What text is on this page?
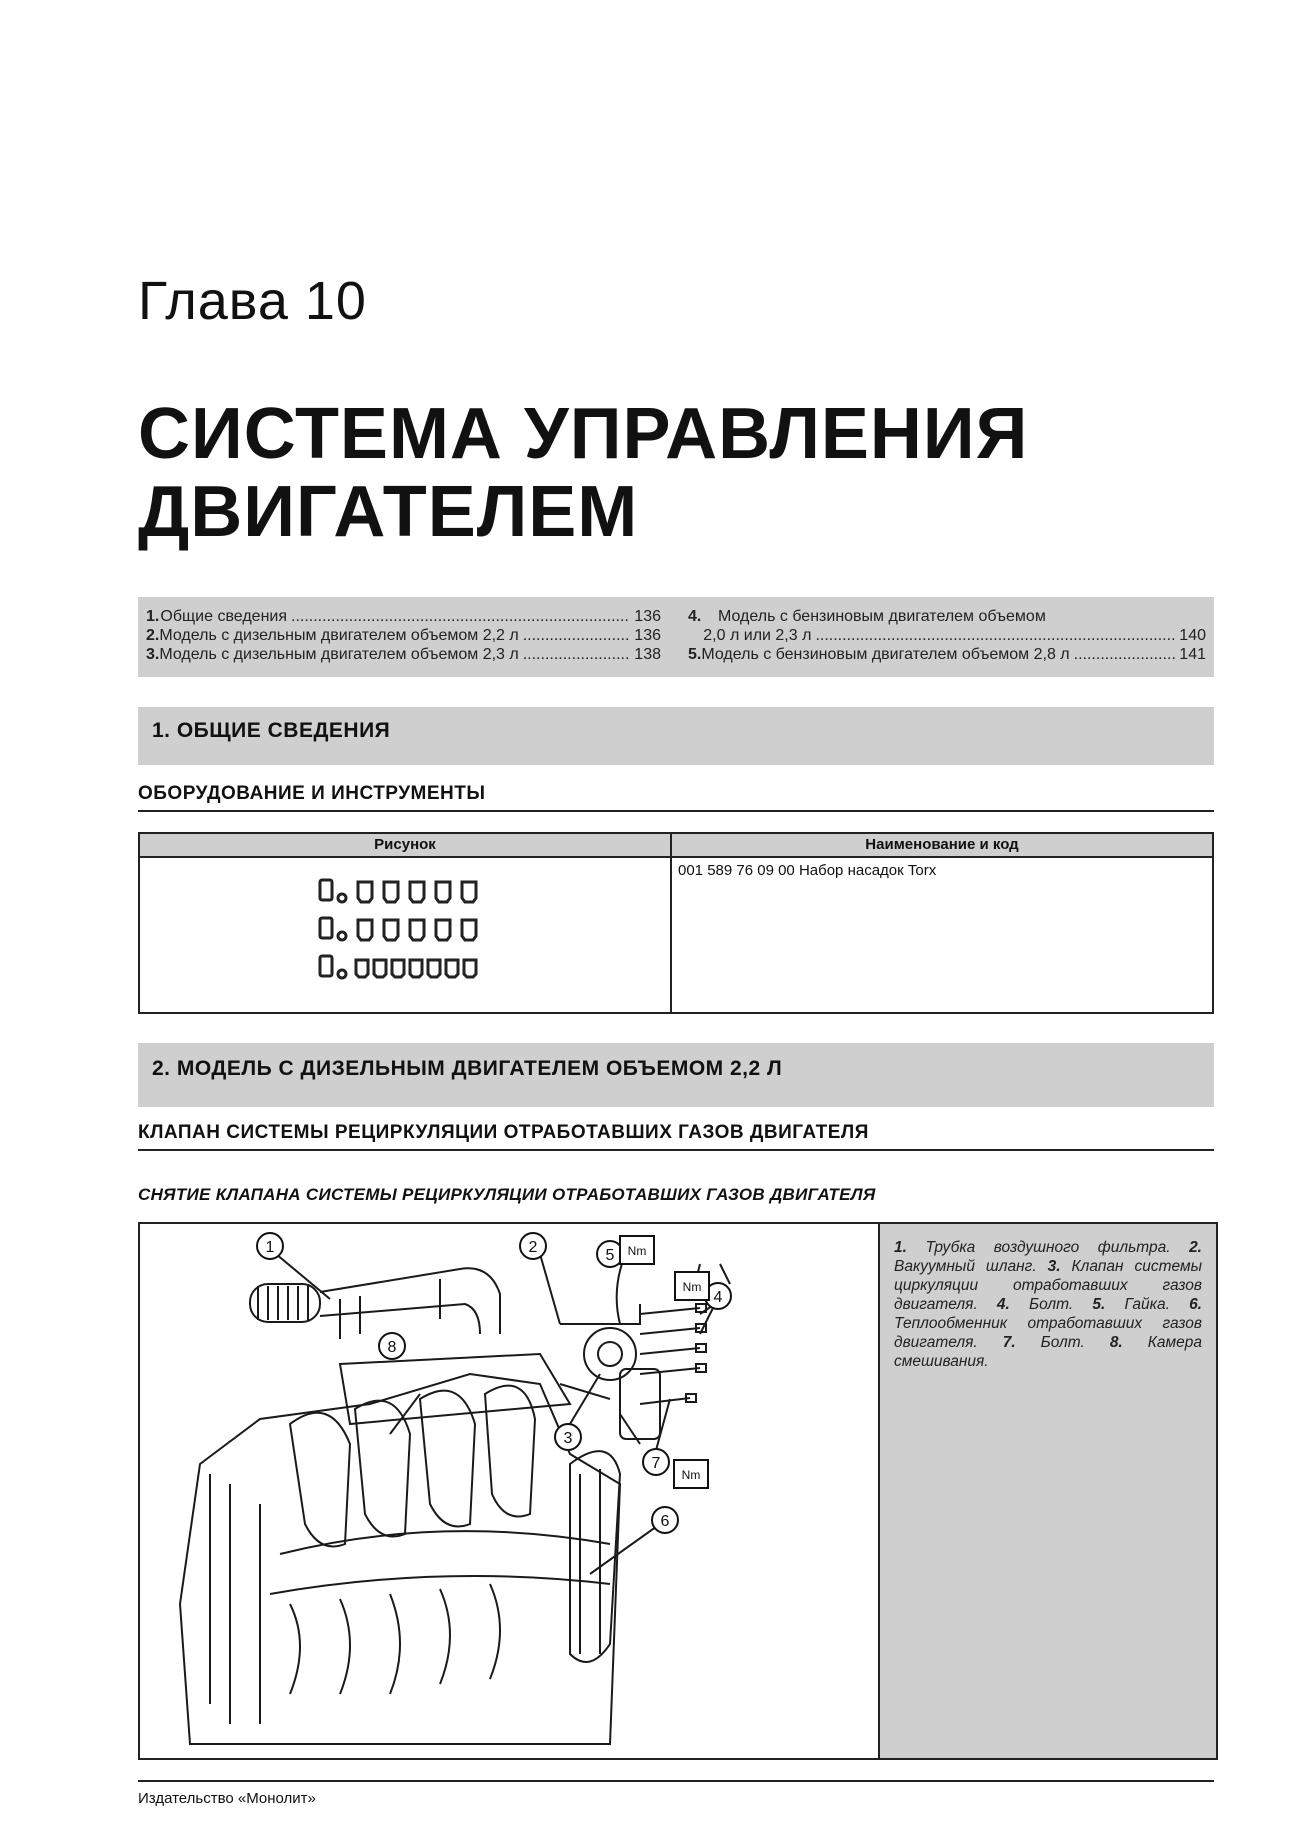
Глава 10
СИСТЕМА УПРАВЛЕНИЯ
ДВИГАТЕЛЕМ
1. Общие сведения .....	136
2. Модель с дизельным двигателем объемом 2,2 л .....	136
3. Модель с дизельным двигателем объемом 2,3 л .....	138
4.	Модель с бензиновым двигателем объемом
2,0 л или 2,3 л .....	140
5. Модель с бензиновым двигателем объемом 2,8 л .....	141
1. ОБЩИЕ СВЕДЕНИЯ
ОБОРУДОВАНИЕ И ИНСТРУМЕНТЫ
Рисунок	Наименование и код
001 589 76 09 00 Набор насадок Torx
2. МОДЕЛЬ С ДИЗЕЛЬНЫМ ДВИГАТЕЛЕМ ОБЪЕМОМ 2,2 Л
КЛАПАН СИСТЕМЫ РЕЦИРКУЛЯЦИИ ОТРАБОТАВШИХ ГАЗОВ ДВИГАТЕЛЯ
СНЯТИЕ КЛАПАНА СИСТЕМЫ РЕЦИРКУЛЯЦИИ ОТРАБОТАВШИХ ГАЗОВ ДВИГАТЕЛЯ
1	2
3
4
5
6
7
8
Nm
Nm
Nm
1. Трубка воздушного фильтра. 2. Вакуумный шланг. 3. Клапан системы циркуляции отработавших газов двигателя. 4. Болт. 5. Гайка. 6. Теплообменник отработавших газов двигателя. 7. Болт. 8. Камера смешивания.
Издательство «Монолит»
